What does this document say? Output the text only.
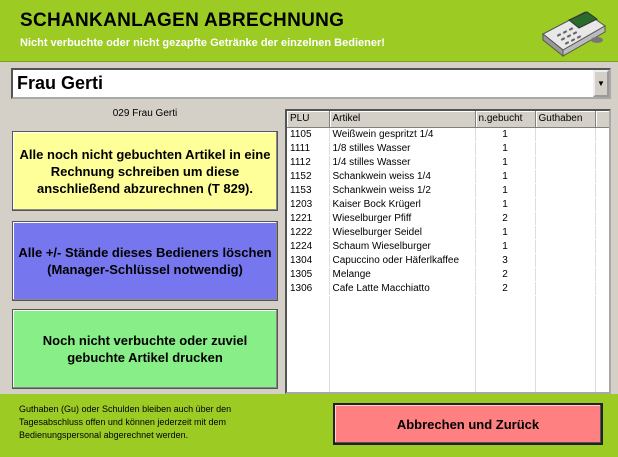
SCHANKANLAGEN ABRECHNUNG
Nicht verbuchte oder nicht gezapfte Getränke der einzelnen Bediener!
Frau Gerti	▼
029 Frau Gerti
Alle noch nicht gebuchten Artikel in eine Rechnung schreiben um diese anschließend abzurechnen (T 829).
Alle +/- Stände dieses Bedieners löschen (Manager-Schlüssel notwendig)
Noch nicht verbuchte oder zuviel gebuchte Artikel drucken
PLU	Artikel	n.gebucht	Guthaben	
1105	Weißwein gespritzt 1/4	1		
1111	1/8 stilles Wasser	1		
1112	1/4 stilles Wasser	1		
1152	Schankwein weiss 1/4	1		
1153	Schankwein weiss 1/2	1		
1203	Kaiser Bock Krügerl	1		
1221	Wieselburger Pfiff	2		
1222	Wieselburger Seidel	1		
1224	Schaum Wieselburger	1		
1304	Capuccino oder Häferlkaffee	3		
1305	Melange	2		
1306	Cafe Latte Macchiatto	2		

Guthaben (Gu) oder Schulden bleiben auch über den Tagesabschluss offen und können jederzeit mit dem Bedienungspersonal abgerechnet werden.
Abbrechen und Zurück
